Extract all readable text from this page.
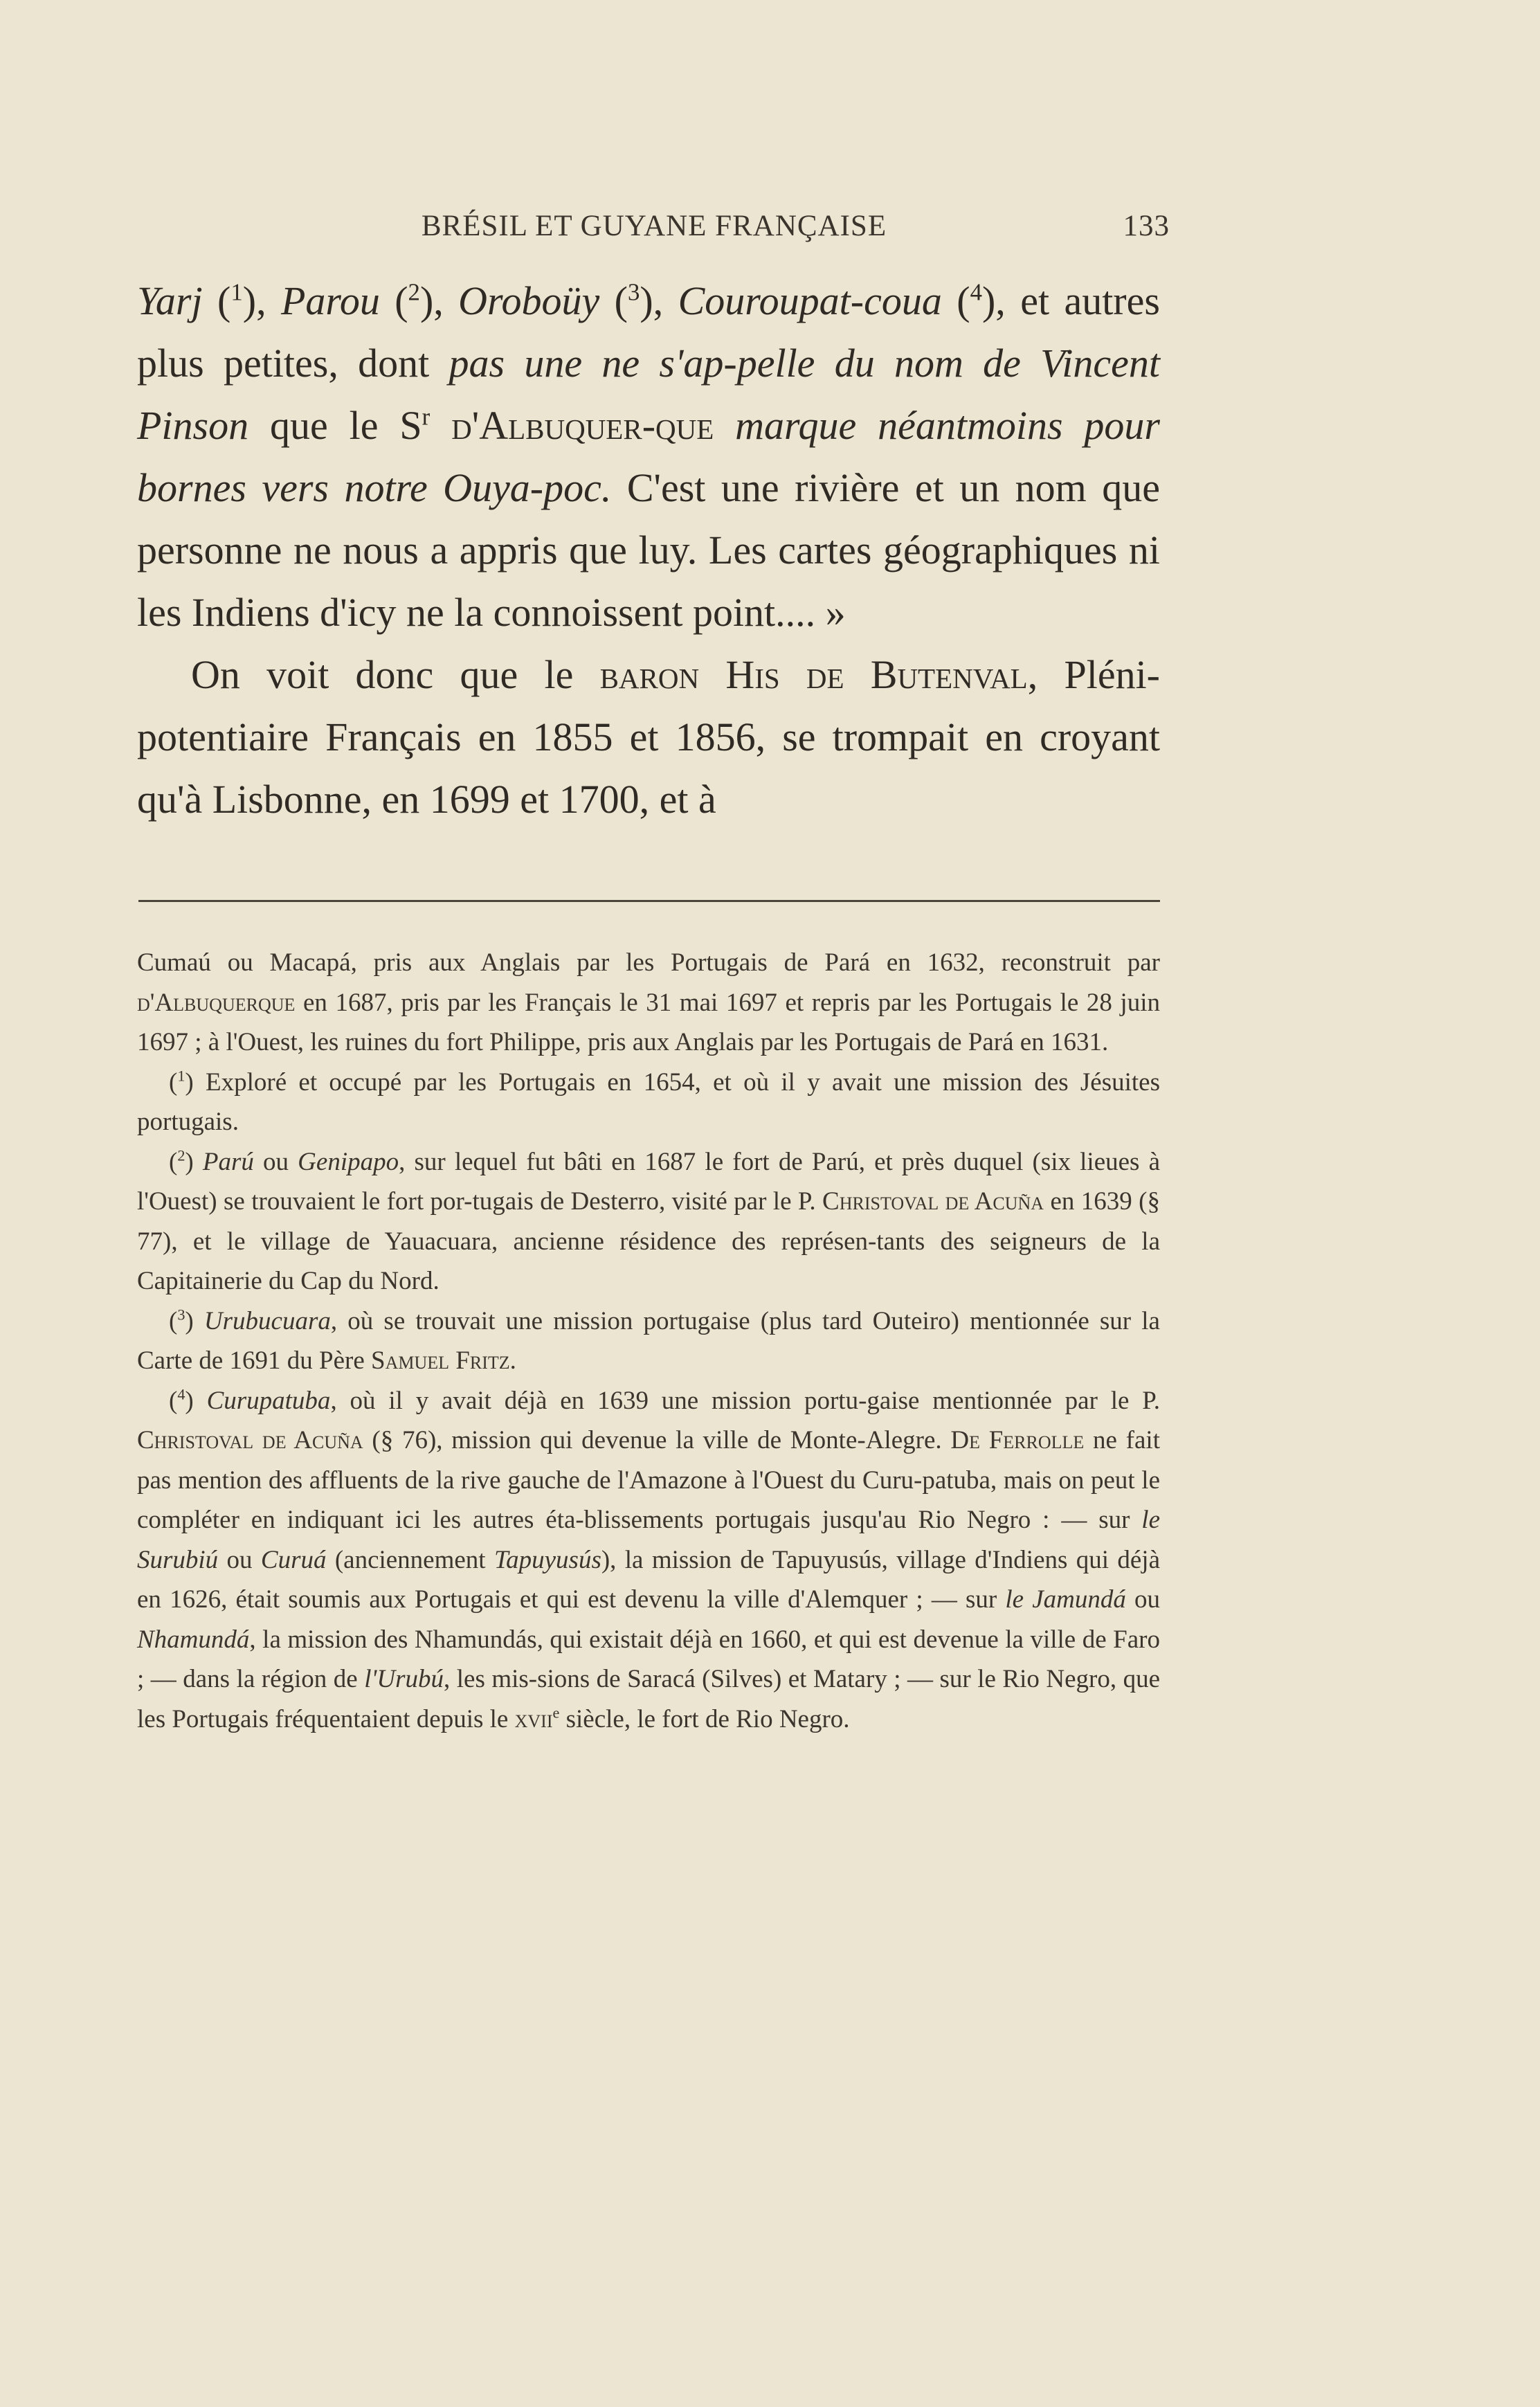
BRÉSIL ET GUYANE FRANÇAISE	133

Yarj ($^1$), Parou ($^2$), Oroboüy ($^3$), Couroupat-coua ($^4$), et autres plus petites, dont pas une ne s'ap-pelle du nom de Vincent Pinson que le $S^r$ d'Albuquer-que marque néantmoins pour bornes vers notre Ouya-poc. C'est une rivière et un nom que personne ne nous a appris que luy. Les cartes géographiques ni les Indiens d'icy ne la connoissent point.... »

On voit donc que le baron His de Butenval, Pléni-potentiaire Français en 1855 et 1856, se trompait en croyant qu'à Lisbonne, en 1699 et 1700, et à

Cumaú ou Macapá, pris aux Anglais par les Portugais de Pará en 1632, reconstruit par d'Albuquerque en 1687, pris par les Français le 31 mai 1697 et repris par les Portugais le 28 juin 1697 ; à l'Ouest, les ruines du fort Philippe, pris aux Anglais par les Portugais de Pará en 1631.

($^1$) Exploré et occupé par les Portugais en 1654, et où il y avait une mission des Jésuites portugais.

($^2$) Parú ou Genipapo, sur lequel fut bâti en 1687 le fort de Parú, et près duquel (six lieues à l'Ouest) se trouvaient le fort por-tugais de Desterro, visité par le P. Christoval de Acuña en 1639 (§ 77), et le village de Yauacuara, ancienne résidence des représen-tants des seigneurs de la Capitainerie du Cap du Nord.

($^3$) Urubucuara, où se trouvait une mission portugaise (plus tard Outeiro) mentionnée sur la Carte de 1691 du Père Samuel Fritz.

($^4$) Curupatuba, où il y avait déjà en 1639 une mission portu-gaise mentionnée par le P. Christoval de Acuña (§ 76), mission qui devenue la ville de Monte-Alegre. De Ferrolle ne fait pas mention des affluents de la rive gauche de l'Amazone à l'Ouest du Curu-patuba, mais on peut le compléter en indiquant ici les autres éta-blissements portugais jusqu'au Rio Negro : — sur le Surubiú ou Curuá (anciennement Tapuyusús), la mission de Tapuyusús, village d'Indiens qui déjà en 1626, était soumis aux Portugais et qui est devenu la ville d'Alemquer ; — sur le Jamundá ou Nhamundá, la mission des Nhamundás, qui existait déjà en 1660, et qui est devenue la ville de Faro ; — dans la région de l'Urubú, les mis-sions de Saracá (Silves) et Matary ; — sur le Rio Negro, que les Portugais fréquentaient depuis le xvii$^e$ siècle, le fort de Rio Negro.
